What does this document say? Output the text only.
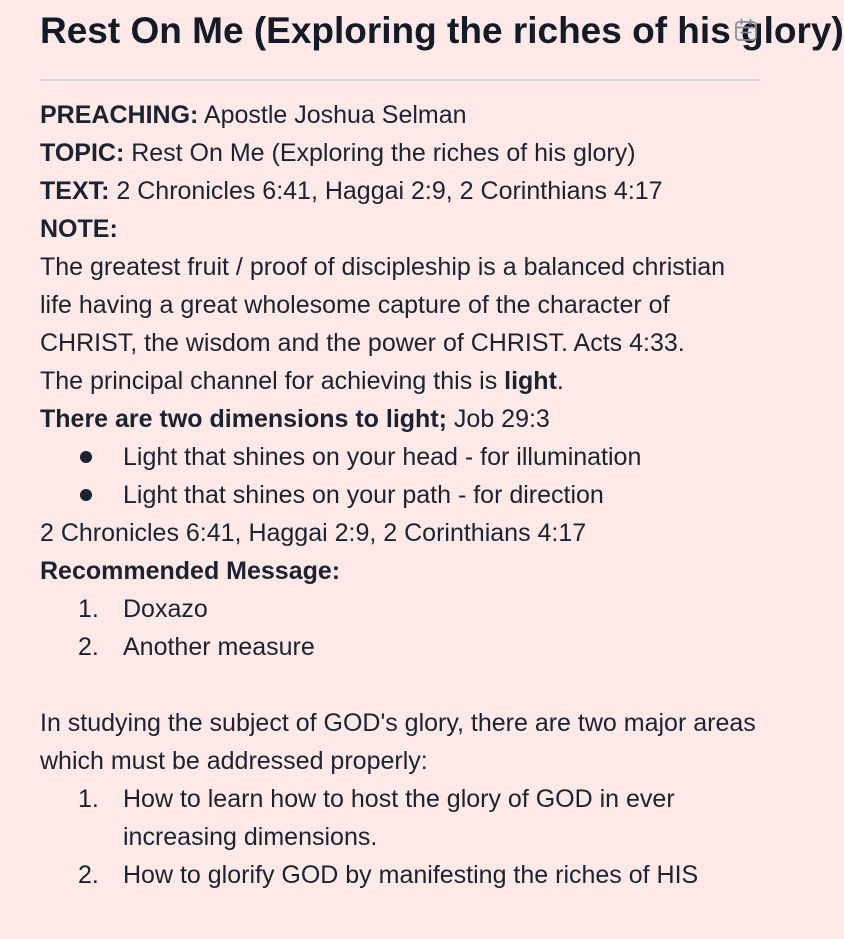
Rest On Me (Exploring the riches of his glory)

PREACHING: Apostle Joshua Selman

TOPIC: Rest On Me (Exploring the riches of his glory)

TEXT: 2 Chronicles 6:41, Haggai 2:9, 2 Corinthians 4:17

NOTE:

The greatest fruit / proof of discipleship is a balanced christian life having a great wholesome capture of the character of CHRIST, the wisdom and the power of CHRIST. Acts 4:33.

The principal channel for achieving this is light.

There are two dimensions to light; Job 29:3

Light that shines on your head - for illumination
Light that shines on your path - for direction

2 Chronicles 6:41, Haggai 2:9, 2 Corinthians 4:17

Recommended Message:

1. Doxazo
2. Another measure

In studying the subject of GOD's glory, there are two major areas which must be addressed properly:

1. How to learn how to host the glory of GOD in ever increasing dimensions.
2. How to glorify GOD by manifesting the riches of HIS
